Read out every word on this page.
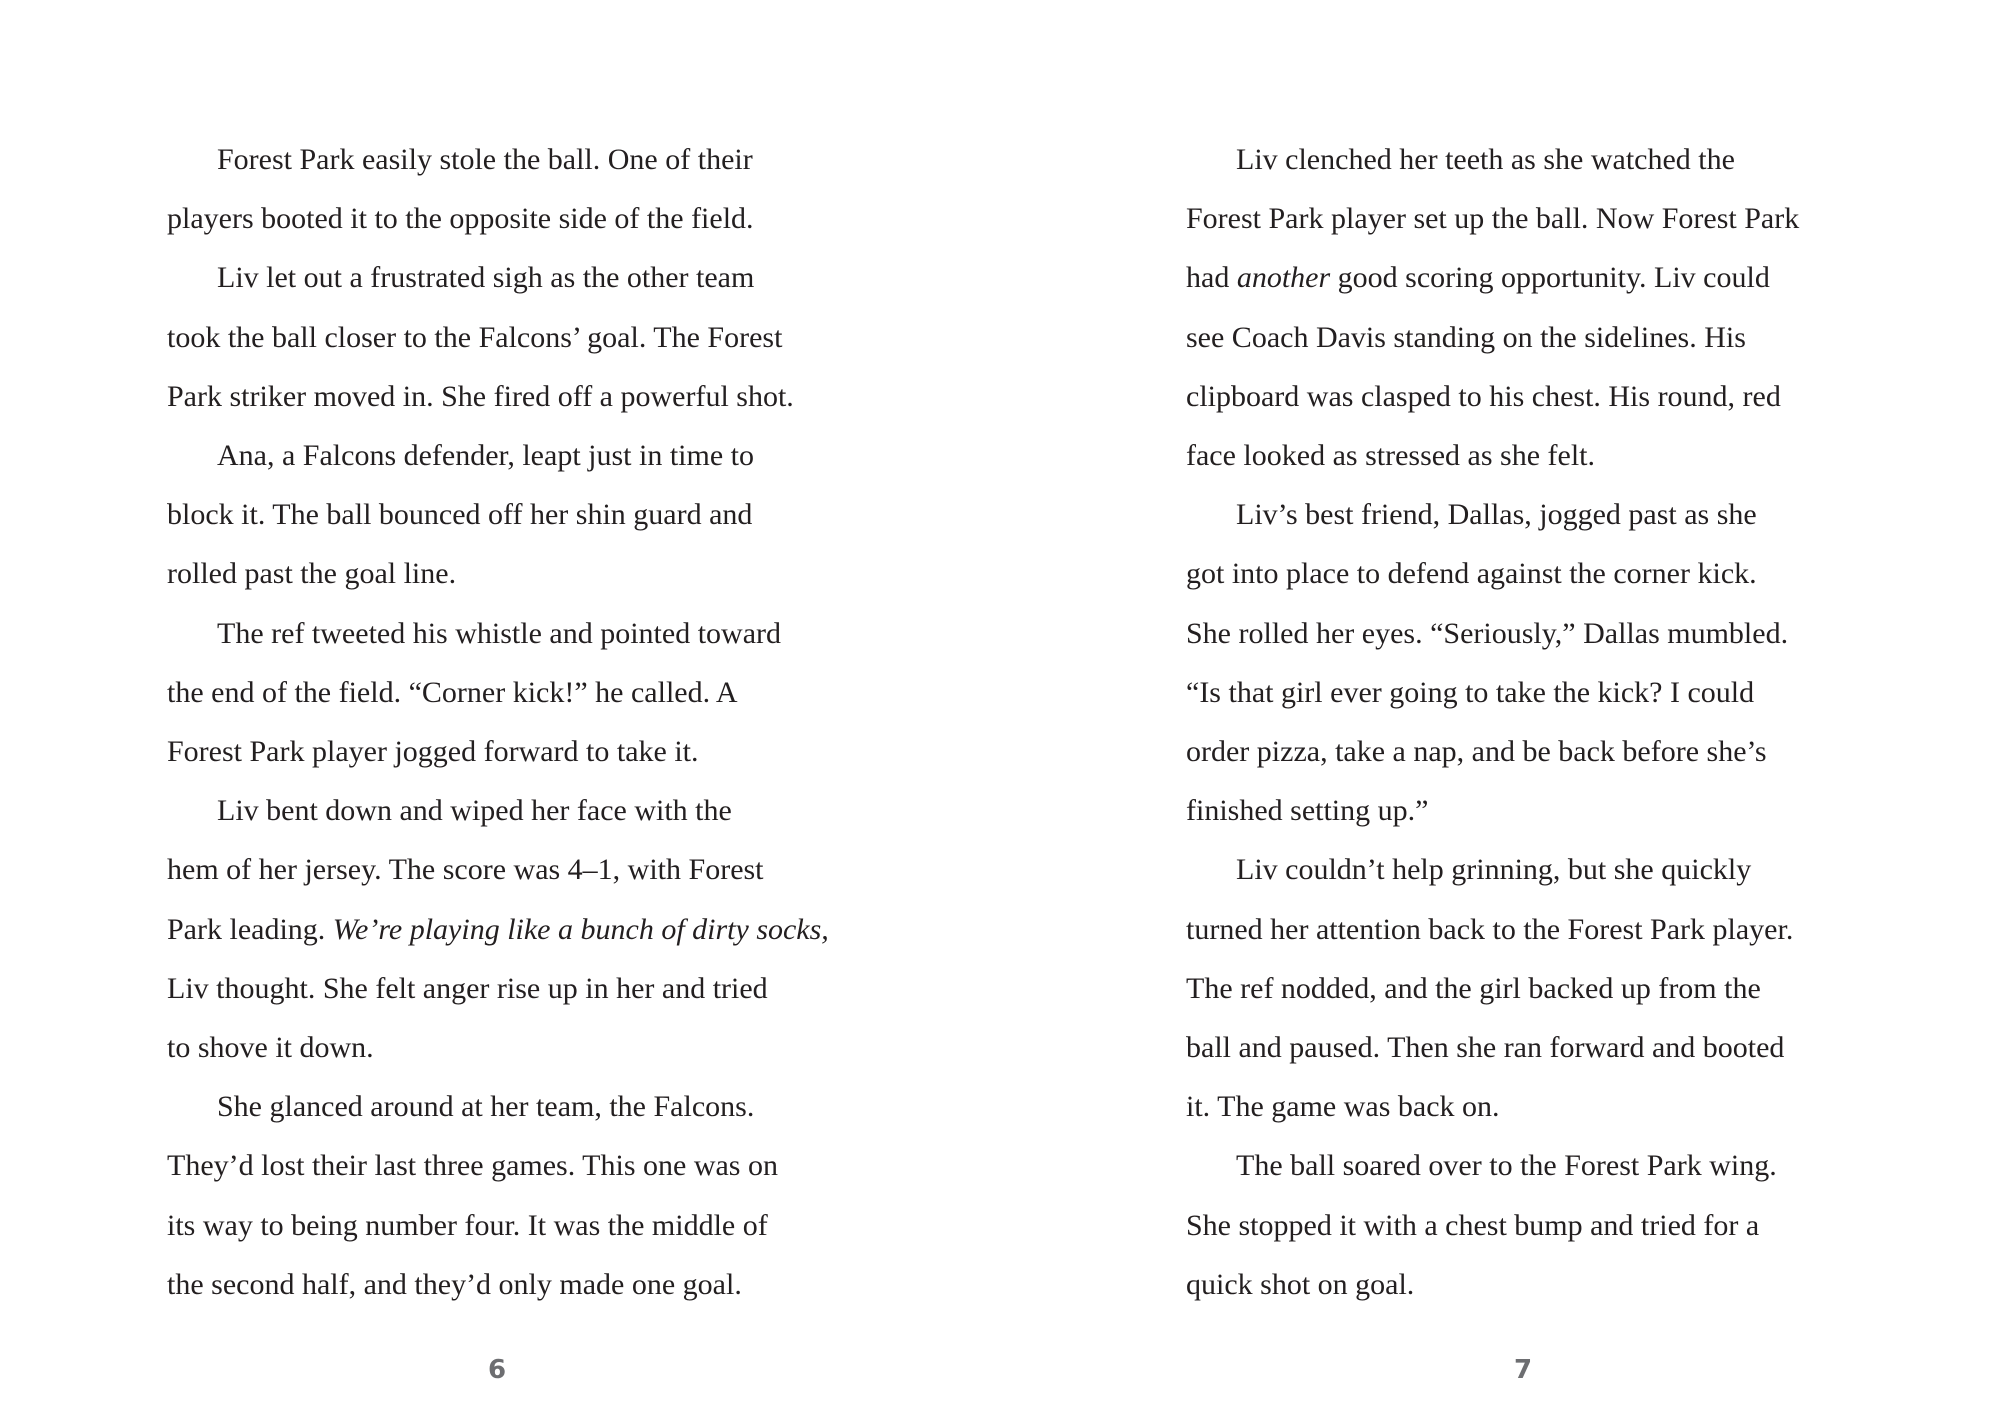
Forest Park easily stole the ball. One of their
players booted it to the opposite side of the field.

Liv let out a frustrated sigh as the other team
took the ball closer to the Falcons’ goal. The Forest
Park striker moved in. She fired off a powerful shot.

Ana, a Falcons defender, leapt just in time to
block it. The ball bounced off her shin guard and
rolled past the goal line.

The ref tweeted his whistle and pointed toward
the end of the field. “Corner kick!” he called. A
Forest Park player jogged forward to take it.

Liv bent down and wiped her face with the
hem of her jersey. The score was 4–1, with Forest
Park leading. We’re playing like a bunch of dirty socks,
Liv thought. She felt anger rise up in her and tried
to shove it down.

She glanced around at her team, the Falcons.
They’d lost their last three games. This one was on
its way to being number four. It was the middle of
the second half, and they’d only made one goal.

6

Liv clenched her teeth as she watched the
Forest Park player set up the ball. Now Forest Park
had another good scoring opportunity. Liv could
see Coach Davis standing on the sidelines. His
clipboard was clasped to his chest. His round, red
face looked as stressed as she felt.

Liv’s best friend, Dallas, jogged past as she
got into place to defend against the corner kick.
She rolled her eyes. “Seriously,” Dallas mumbled.
“Is that girl ever going to take the kick? I could
order pizza, take a nap, and be back before she’s
finished setting up.”

Liv couldn’t help grinning, but she quickly
turned her attention back to the Forest Park player.
The ref nodded, and the girl backed up from the
ball and paused. Then she ran forward and booted
it. The game was back on.

The ball soared over to the Forest Park wing.
She stopped it with a chest bump and tried for a
quick shot on goal.

7
